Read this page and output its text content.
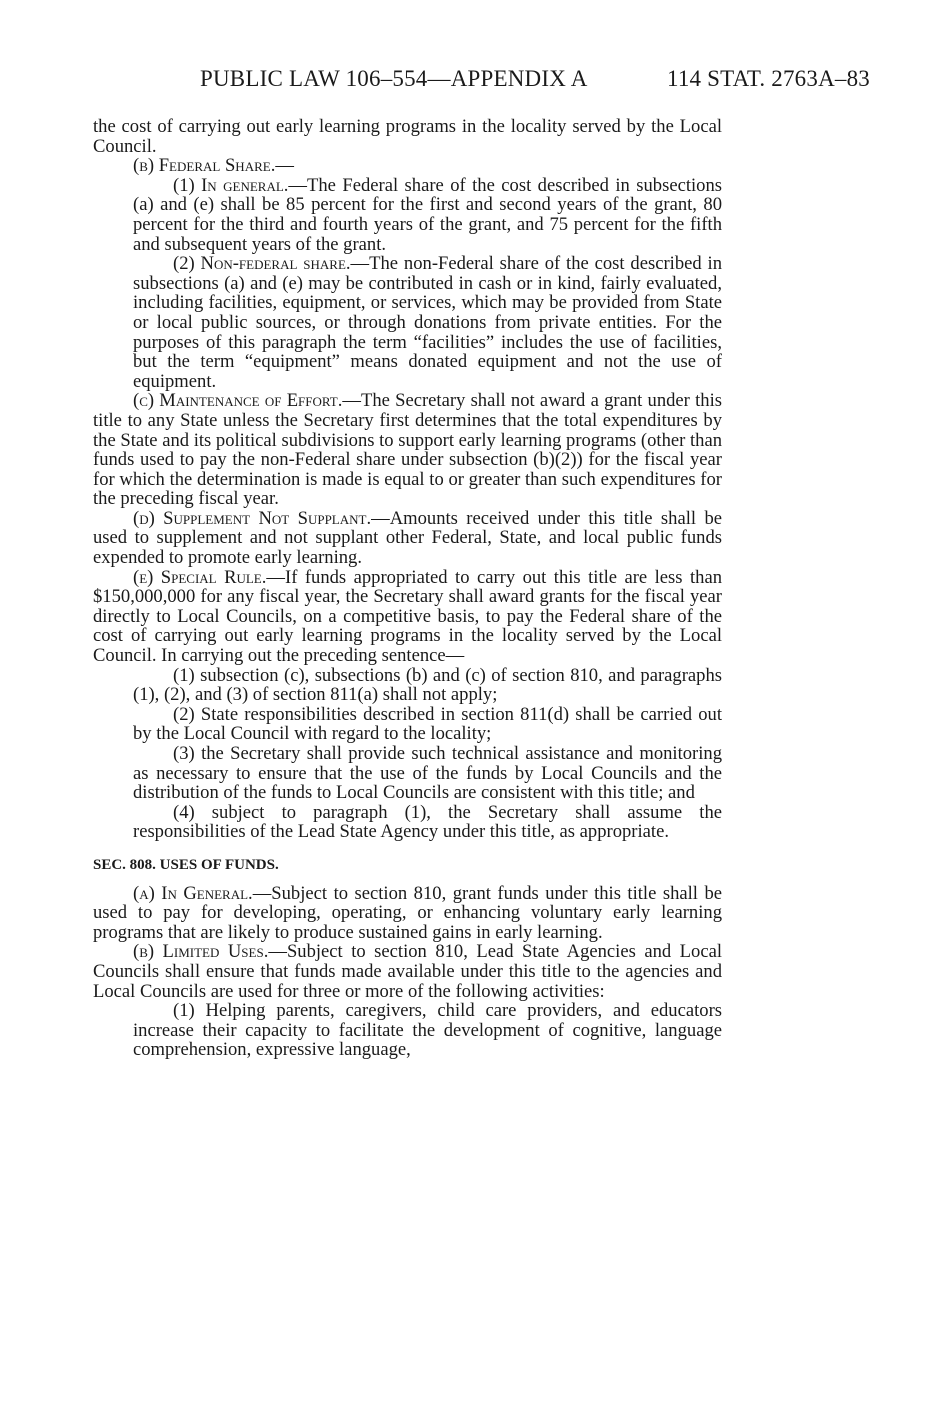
PUBLIC LAW 106–554—APPENDIX A	114 STAT. 2763A–83

the cost of carrying out early learning programs in the locality served by the Local Council.

(b) Federal Share.—

(1) In general.—The Federal share of the cost described in subsections (a) and (e) shall be 85 percent for the first and second years of the grant, 80 percent for the third and fourth years of the grant, and 75 percent for the fifth and subsequent years of the grant.

(2) Non-federal share.—The non-Federal share of the cost described in subsections (a) and (e) may be contributed in cash or in kind, fairly evaluated, including facilities, equipment, or services, which may be provided from State or local public sources, or through donations from private entities. For the purposes of this paragraph the term “facilities” includes the use of facilities, but the term “equipment” means donated equipment and not the use of equipment.

(c) Maintenance of Effort.—The Secretary shall not award a grant under this title to any State unless the Secretary first determines that the total expenditures by the State and its political subdivisions to support early learning programs (other than funds used to pay the non-Federal share under subsection (b)(2)) for the fiscal year for which the determination is made is equal to or greater than such expenditures for the preceding fiscal year.

(d) Supplement Not Supplant.—Amounts received under this title shall be used to supplement and not supplant other Federal, State, and local public funds expended to promote early learning.

(e) Special Rule.—If funds appropriated to carry out this title are less than $150,000,000 for any fiscal year, the Secretary shall award grants for the fiscal year directly to Local Councils, on a competitive basis, to pay the Federal share of the cost of carrying out early learning programs in the locality served by the Local Council. In carrying out the preceding sentence—

(1) subsection (c), subsections (b) and (c) of section 810, and paragraphs (1), (2), and (3) of section 811(a) shall not apply;

(2) State responsibilities described in section 811(d) shall be carried out by the Local Council with regard to the locality;

(3) the Secretary shall provide such technical assistance and monitoring as necessary to ensure that the use of the funds by Local Councils and the distribution of the funds to Local Councils are consistent with this title; and

(4) subject to paragraph (1), the Secretary shall assume the responsibilities of the Lead State Agency under this title, as appropriate.

SEC. 808. USES OF FUNDS.

(a) In General.—Subject to section 810, grant funds under this title shall be used to pay for developing, operating, or enhancing voluntary early learning programs that are likely to produce sustained gains in early learning.

(b) Limited Uses.—Subject to section 810, Lead State Agencies and Local Councils shall ensure that funds made available under this title to the agencies and Local Councils are used for three or more of the following activities:

(1) Helping parents, caregivers, child care providers, and educators increase their capacity to facilitate the development of cognitive, language comprehension, expressive language,
